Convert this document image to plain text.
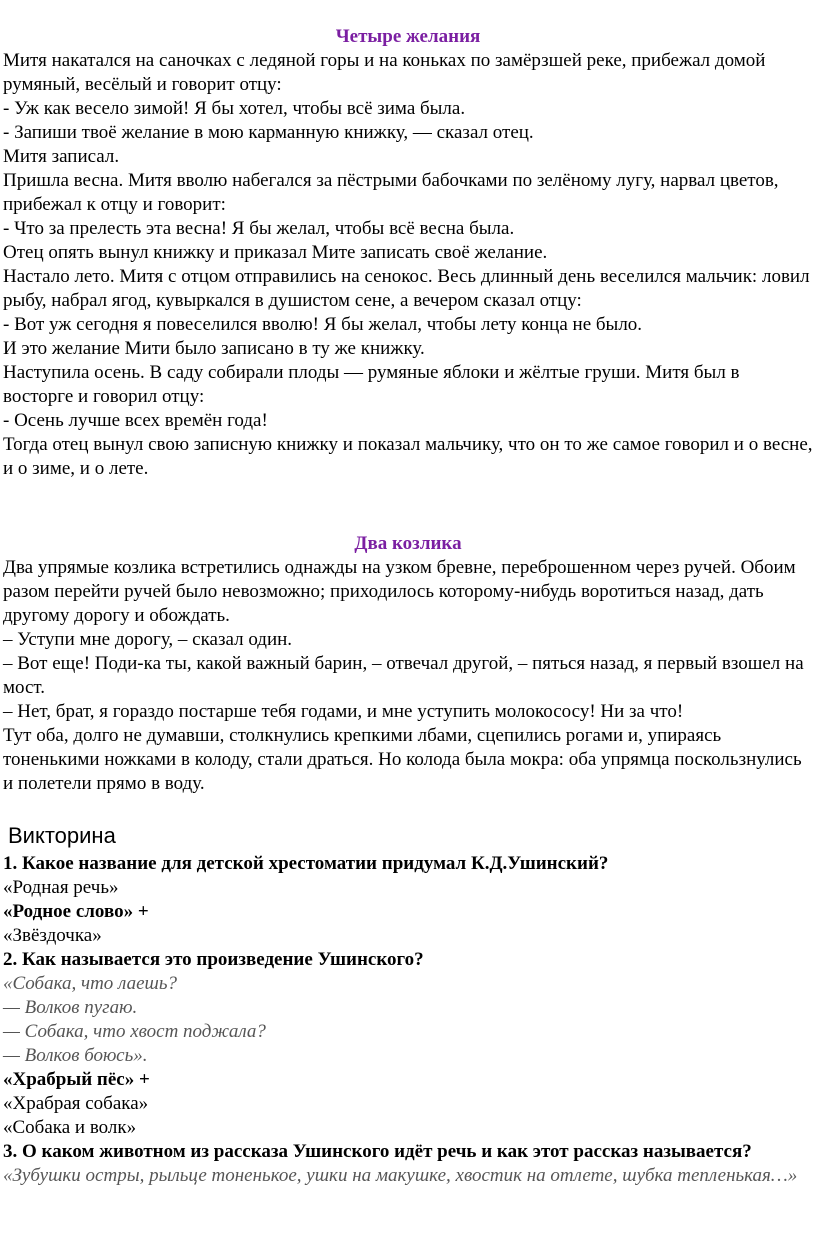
Четыре желания

Митя накатался на саночках с ледяной горы и на коньках по замёрзшей реке, прибежал домой румяный, весёлый и говорит отцу:

- Уж как весело зимой! Я бы хотел, чтобы всё зима была.

- Запиши твоё желание в мою карманную книжку, — сказал отец.

Митя записал.

Пришла весна. Митя вволю набегался за пёстрыми бабочками по зелёному лугу, нарвал цветов, прибежал к отцу и говорит:

- Что за прелесть эта весна! Я бы желал, чтобы всё весна была.

Отец опять вынул книжку и приказал Мите записать своё желание.

Настало лето. Митя с отцом отправились на сенокос. Весь длинный день веселился мальчик: ловил рыбу, набрал ягод, кувыркался в душистом сене, а вечером сказал отцу:

- Вот уж сегодня я повеселился вволю! Я бы желал, чтобы лету конца не было.

И это желание Мити было записано в ту же книжку.

Наступила осень. В саду собирали плоды — румяные яблоки и жёлтые груши. Митя был в восторге и говорил отцу:

- Осень лучше всех времён года!

Тогда отец вынул свою записную книжку и показал мальчику, что он то же самое говорил и о весне, и о зиме, и о лете.

Два козлика

Два упрямые козлика встретились однажды на узком бревне, переброшенном через ручей. Обоим разом перейти ручей было невозможно; приходилось которому-нибудь воротиться назад, дать другому дорогу и обождать.

– Уступи мне дорогу, – сказал один.

– Вот еще! Поди-ка ты, какой важный барин, – отвечал другой, – пяться назад, я первый взошел на мост.

– Нет, брат, я гораздо постарше тебя годами, и мне уступить молокососу! Ни за что!

Тут оба, долго не думавши, столкнулись крепкими лбами, сцепились рогами и, упираясь тоненькими ножками в колоду, стали драться. Но колода была мокра: оба упрямца поскользнулись и полетели прямо в воду.

Викторина

1. Какое название для детской хрестоматии придумал К.Д.Ушинский?

«Родная речь»

«Родное слово» +

«Звёздочка»

2. Как называется это произведение Ушинского?

«Собака, что лаешь?

— Волков пугаю.

— Собака, что хвост поджала?

— Волков боюсь».

«Храбрый пёс» +

«Храбрая собака»

«Собака и волк»

3. О каком животном из рассказа Ушинского идёт речь и как этот рассказ называется?

«Зубушки остры, рыльце тоненькое, ушки на макушке, хвостик на отлете, шубка тепленькая…»
